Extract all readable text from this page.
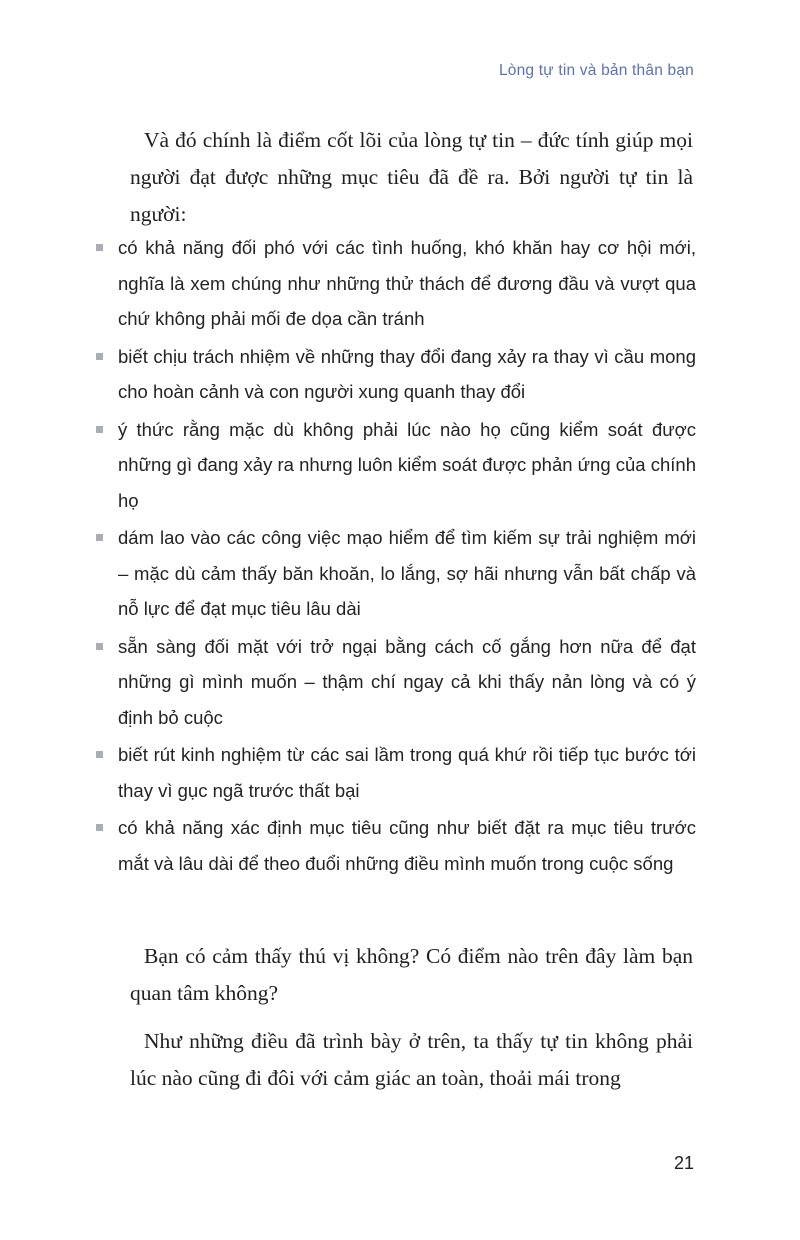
Lòng tự tin và bản thân bạn

Và đó chính là điểm cốt lõi của lòng tự tin – đức tính giúp mọi người đạt được những mục tiêu đã đề ra. Bởi người tự tin là người:

có khả năng đối phó với các tình huống, khó khăn hay cơ hội mới, nghĩa là xem chúng như những thử thách để đương đầu và vượt qua chứ không phải mối đe dọa cần tránh
biết chịu trách nhiệm về những thay đổi đang xảy ra thay vì cầu mong cho hoàn cảnh và con người xung quanh thay đổi
ý thức rằng mặc dù không phải lúc nào họ cũng kiểm soát được những gì đang xảy ra nhưng luôn kiểm soát được phản ứng của chính họ
dám lao vào các công việc mạo hiểm để tìm kiếm sự trải nghiệm mới – mặc dù cảm thấy băn khoăn, lo lắng, sợ hãi nhưng vẫn bất chấp và nỗ lực để đạt mục tiêu lâu dài
sẵn sàng đối mặt với trở ngại bằng cách cố gắng hơn nữa để đạt những gì mình muốn – thậm chí ngay cả khi thấy nản lòng và có ý định bỏ cuộc
biết rút kinh nghiệm từ các sai lầm trong quá khứ rồi tiếp tục bước tới thay vì gục ngã trước thất bại
có khả năng xác định mục tiêu cũng như biết đặt ra mục tiêu trước mắt và lâu dài để theo đuổi những điều mình muốn trong cuộc sống

Bạn có cảm thấy thú vị không? Có điểm nào trên đây làm bạn quan tâm không?

Như những điều đã trình bày ở trên, ta thấy tự tin không phải lúc nào cũng đi đôi với cảm giác an toàn, thoải mái trong

21
